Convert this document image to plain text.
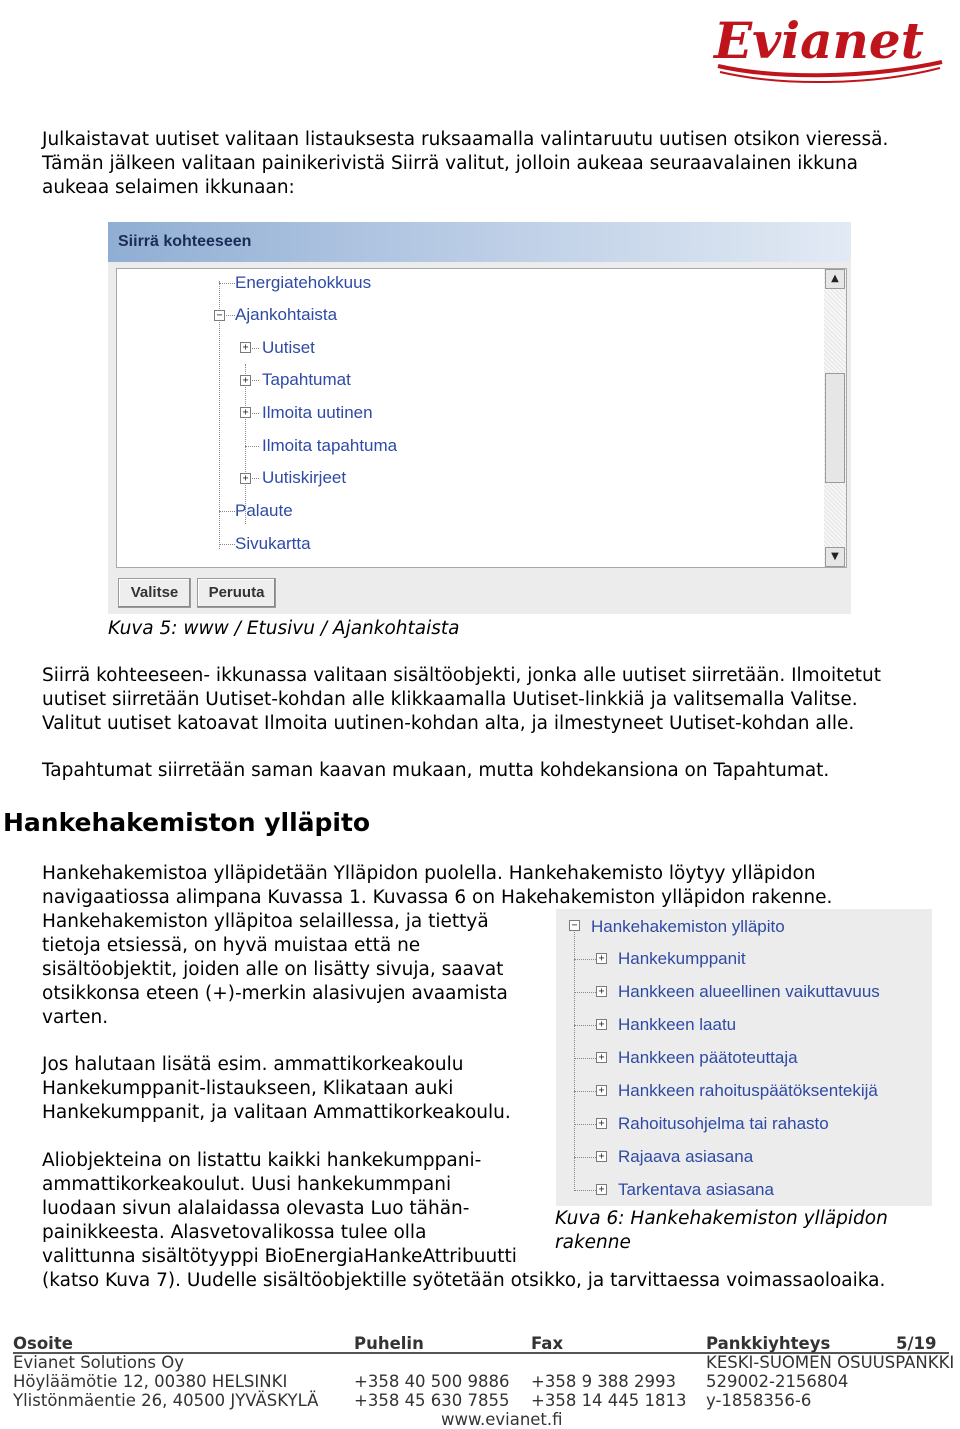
Evianet
Julkaistavat uutiset valitaan listauksesta ruksaamalla valintaruutu uutisen otsikon vieressä.
Tämän jälkeen valitaan painikerivistä Siirrä valitut, jolloin aukeaa seuraavalainen ikkuna
aukeaa selaimen ikkunaan:
Siirrä kohteeseen
Energiatehokkuus
− Ajankohtaista
+ Uutiset
+ Tapahtumat
+ Ilmoita uutinen
Ilmoita tapahtuma
+ Uutiskirjeet
Palaute
Sivukartta
▲
▼
Valitse	Peruuta
Kuva 5: www / Etusivu / Ajankohtaista
Siirrä kohteeseen- ikkunassa valitaan sisältöobjekti, jonka alle uutiset siirretään. Ilmoitetut
uutiset siirretään Uutiset-kohdan alle klikkaamalla Uutiset-linkkiä ja valitsemalla Valitse.
Valitut uutiset katoavat Ilmoita uutinen-kohdan alta, ja ilmestyneet Uutiset-kohdan alle.
Tapahtumat siirretään saman kaavan mukaan, mutta kohdekansiona on Tapahtumat.
Hankehakemiston ylläpito
Hankehakemistoa ylläpidetään Ylläpidon puolella. Hankehakemisto löytyy ylläpidon
navigaatiossa alimpana Kuvassa 1. Kuvassa 6 on Hakehakemiston ylläpidon rakenne.
Hankehakemiston ylläpitoa selaillessa, ja tiettyä
tietoja etsiessä, on hyvä muistaa että ne
sisältöobjektit, joiden alle on lisätty sivuja, saavat
otsikkonsa eteen (+)-merkin alasivujen avaamista
varten.
Jos halutaan lisätä esim. ammattikorkeakoulu
Hankekumppanit-listaukseen, Klikataan auki
Hankekumppanit, ja valitaan Ammattikorkeakoulu.
Aliobjekteina on listattu kaikki hankekumppani-
ammattikorkeakoulut. Uusi hankekummpani
luodaan sivun alalaidassa olevasta Luo tähän-
painikkeesta. Alasvetovalikossa tulee olla
valittunna sisältötyyppi BioEnergiaHankeAttribuutti
(katso Kuva 7). Uudelle sisältöobjektille syötetään otsikko, ja tarvittaessa voimassaoloaika.
− Hankehakemiston ylläpito
+ Hankekumppanit
+ Hankkeen alueellinen vaikuttavuus
+ Hankkeen laatu
+ Hankkeen päätoteuttaja
+ Hankkeen rahoituspäätöksentekijä
+ Rahoitusohjelma tai rahasto
+ Rajaava asiasana
+ Tarkentava asiasana
Kuva 6: Hankehakemiston ylläpidon
rakenne
Osoite
Evianet Solutions Oy
Höyläämötie 12, 00380 HELSINKI
Ylistönmäentie 26, 40500 JYVÄSKYLÄ
Puhelin
+358 40 500 9886
+358 45 630 7855
Fax
+358 9 388 2993
+358 14 445 1813
Pankkiyhteys
KESKI-SUOMEN OSUUSPANKKI
529002-2156804
y-1858356-6
5/19
www.evianet.fi
